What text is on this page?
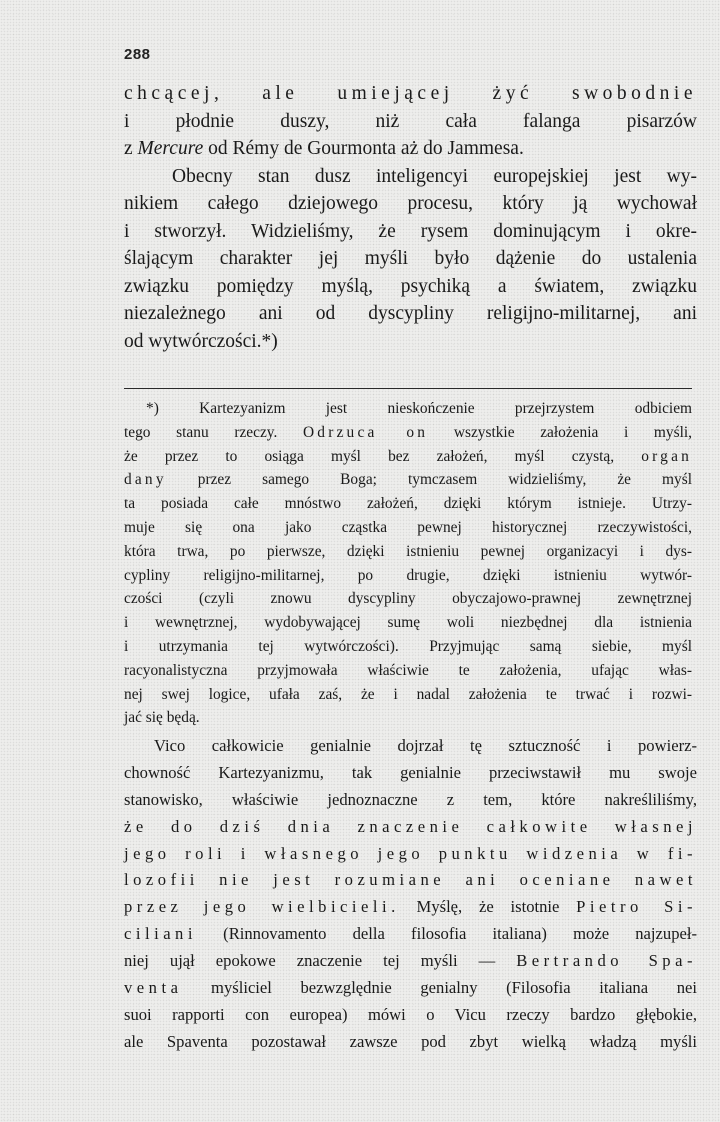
288
chcącej, ale umiejącej żyć swobodnie
i płodnie duszy, niż cała falanga pisarzów
z Mercure od Rémy de Gourmonta aż do Jammesa.
Obecny stan dusz inteligencyi europejskiej jest wy-
nikiem całego dziejowego procesu, który ją wychował
i stworzył. Widzieliśmy, że rysem dominującym i okre-
ślającym charakter jej myśli było dążenie do ustalenia
związku pomiędzy myślą, psychiką a światem, związku
niezależnego ani od dyscypliny religijno-militarnej, ani
od wytwórczości.*)
*) Kartezyanizm jest nieskończenie przejrzystem odbiciem
tego stanu rzeczy. Odrzuca on wszystkie założenia i myśli,
że przez to osiąga myśl bez założeń, myśl czystą, organ
dany przez samego Boga; tymczasem widzieliśmy, że myśl
ta posiada całe mnóstwo założeń, dzięki którym istnieje. Utrzy-
muje się ona jako cząstka pewnej historycznej rzeczywistości,
która trwa, po pierwsze, dzięki istnieniu pewnej organizacyi i dys-
cypliny religijno-militarnej, po drugie, dzięki istnieniu wytwór-
czości (czyli znowu dyscypliny obyczajowo-prawnej zewnętrznej
i wewnętrznej, wydobywającej sumę woli niezbędnej dla istnienia
i utrzymania tej wytwórczości). Przyjmując samą siebie, myśl
racyonalistyczna przyjmowała właściwie te założenia, ufając włas-
nej swej logice, ufała zaś, że i nadal założenia te trwać i rozwi-
jać się będą.
Vico całkowicie genialnie dojrzał tę sztuczność i powierz-
chowność Kartezyanizmu, tak genialnie przeciwstawił mu swoje
stanowisko, właściwie jednoznaczne z tem, które nakreśliliśmy,
że do dziś dnia znaczenie całkowite własnej
jego roli i własnego jego punktu widzenia w fi-
lozofii nie jest rozumiane ani oceniane nawet
przez jego wielbicieli. Myślę, że istotnie Pietro Si-
ciliani (Rinnovamento della filosofia italiana) może najzupeł-
niej ujął epokowe znaczenie tej myśli — Bertrando Spa-
venta myśliciel bezwzględnie genialny (Filosofia italiana nei
suoi rapporti con europea) mówi o Vicu rzeczy bardzo głębokie,
ale Spaventa pozostawał zawsze pod zbyt wielką władzą myśli
